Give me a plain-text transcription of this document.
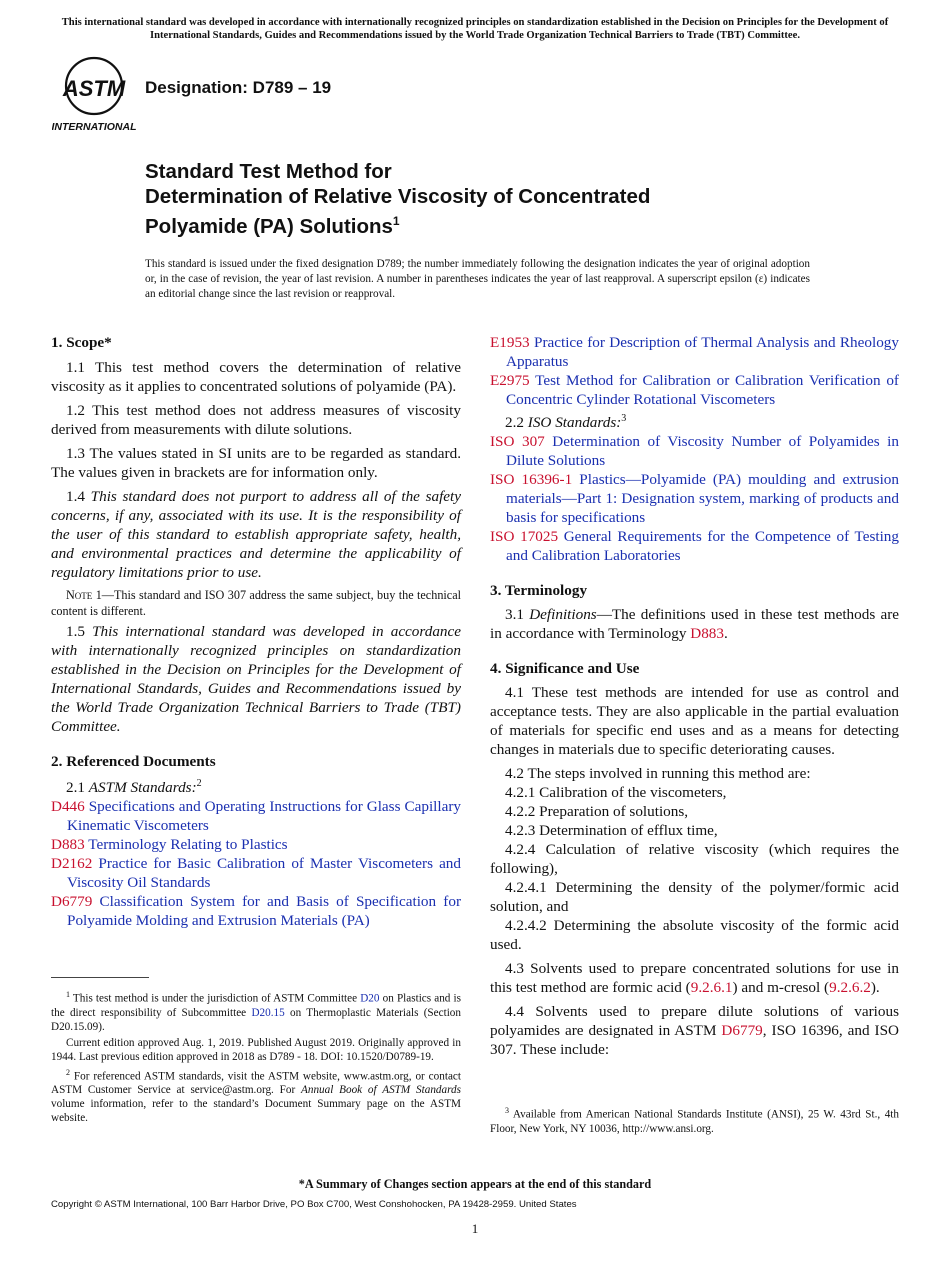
This international standard was developed in accordance with internationally recognized principles on standardization established in the Decision on Principles for the Development of International Standards, Guides and Recommendations issued by the World Trade Organization Technical Barriers to Trade (TBT) Committee.
ASTM
INTERNATIONAL
Designation: D789 – 19
Standard Test Method for
Determination of Relative Viscosity of Concentrated
Polyamide (PA) Solutions$^1$
This standard is issued under the fixed designation D789; the number immediately following the designation indicates the year of original adoption or, in the case of revision, the year of last revision. A number in parentheses indicates the year of last reapproval. A superscript epsilon (ε) indicates an editorial change since the last revision or reapproval.
1. Scope*

1.1 This test method covers the determination of relative viscosity as it applies to concentrated solutions of polyamide (PA).

1.2 This test method does not address measures of viscosity derived from measurements with dilute solutions.

1.3 The values stated in SI units are to be regarded as standard. The values given in brackets are for information only.

1.4 This standard does not purport to address all of the safety concerns, if any, associated with its use. It is the responsibility of the user of this standard to establish appropriate safety, health, and environmental practices and determine the applicability of regulatory limitations prior to use.

Note 1—This standard and ISO 307 address the same subject, buy the technical content is different.

1.5 This international standard was developed in accordance with internationally recognized principles on standardization established in the Decision on Principles for the Development of International Standards, Guides and Recommendations issued by the World Trade Organization Technical Barriers to Trade (TBT) Committee.

2. Referenced Documents

2.1 ASTM Standards:$^2$

D446 Specifications and Operating Instructions for Glass Capillary Kinematic Viscometers

D883 Terminology Relating to Plastics

D2162 Practice for Basic Calibration of Master Viscometers and Viscosity Oil Standards

D6779 Classification System for and Basis of Specification for Polyamide Molding and Extrusion Materials (PA)

E1953 Practice for Description of Thermal Analysis and Rheology Apparatus

E2975 Test Method for Calibration or Calibration Verification of Concentric Cylinder Rotational Viscometers

2.2 ISO Standards:$^3$

ISO 307 Determination of Viscosity Number of Polyamides in Dilute Solutions

ISO 16396-1 Plastics—Polyamide (PA) moulding and extrusion materials—Part 1: Designation system, marking of products and basis for specifications

ISO 17025 General Requirements for the Competence of Testing and Calibration Laboratories

3. Terminology

3.1 Definitions—The definitions used in these test methods are in accordance with Terminology D883.

4. Significance and Use

4.1 These test methods are intended for use as control and acceptance tests. They are also applicable in the partial evaluation of materials for specific end uses and as a means for detecting changes in materials due to specific deteriorating causes.

4.2 The steps involved in running this method are:

4.2.1 Calibration of the viscometers,

4.2.2 Preparation of solutions,

4.2.3 Determination of efflux time,

4.2.4 Calculation of relative viscosity (which requires the following),

4.2.4.1 Determining the density of the polymer/formic acid solution, and

4.2.4.2 Determining the absolute viscosity of the formic acid used.

4.3 Solvents used to prepare concentrated solutions for use in this test method are formic acid (9.2.6.1) and m-cresol (9.2.6.2).

4.4 Solvents used to prepare dilute solutions of various polyamides are designated in ASTM D6779, ISO 16396, and ISO 307. These include:

$^1$ This test method is under the jurisdiction of ASTM Committee D20 on Plastics and is the direct responsibility of Subcommittee D20.15 on Thermoplastic Materials (Section D20.15.09).

Current edition approved Aug. 1, 2019. Published August 2019. Originally approved in 1944. Last previous edition approved in 2018 as D789 - 18. DOI: 10.1520/D0789-19.

$^2$ For referenced ASTM standards, visit the ASTM website, www.astm.org, or contact ASTM Customer Service at service@astm.org. For Annual Book of ASTM Standards volume information, refer to the standard’s Document Summary page on the ASTM website.

$^3$ Available from American National Standards Institute (ANSI), 25 W. 43rd St., 4th Floor, New York, NY 10036, http://www.ansi.org.

*A Summary of Changes section appears at the end of this standard
Copyright © ASTM International, 100 Barr Harbor Drive, PO Box C700, West Conshohocken, PA 19428-2959. United States
1
